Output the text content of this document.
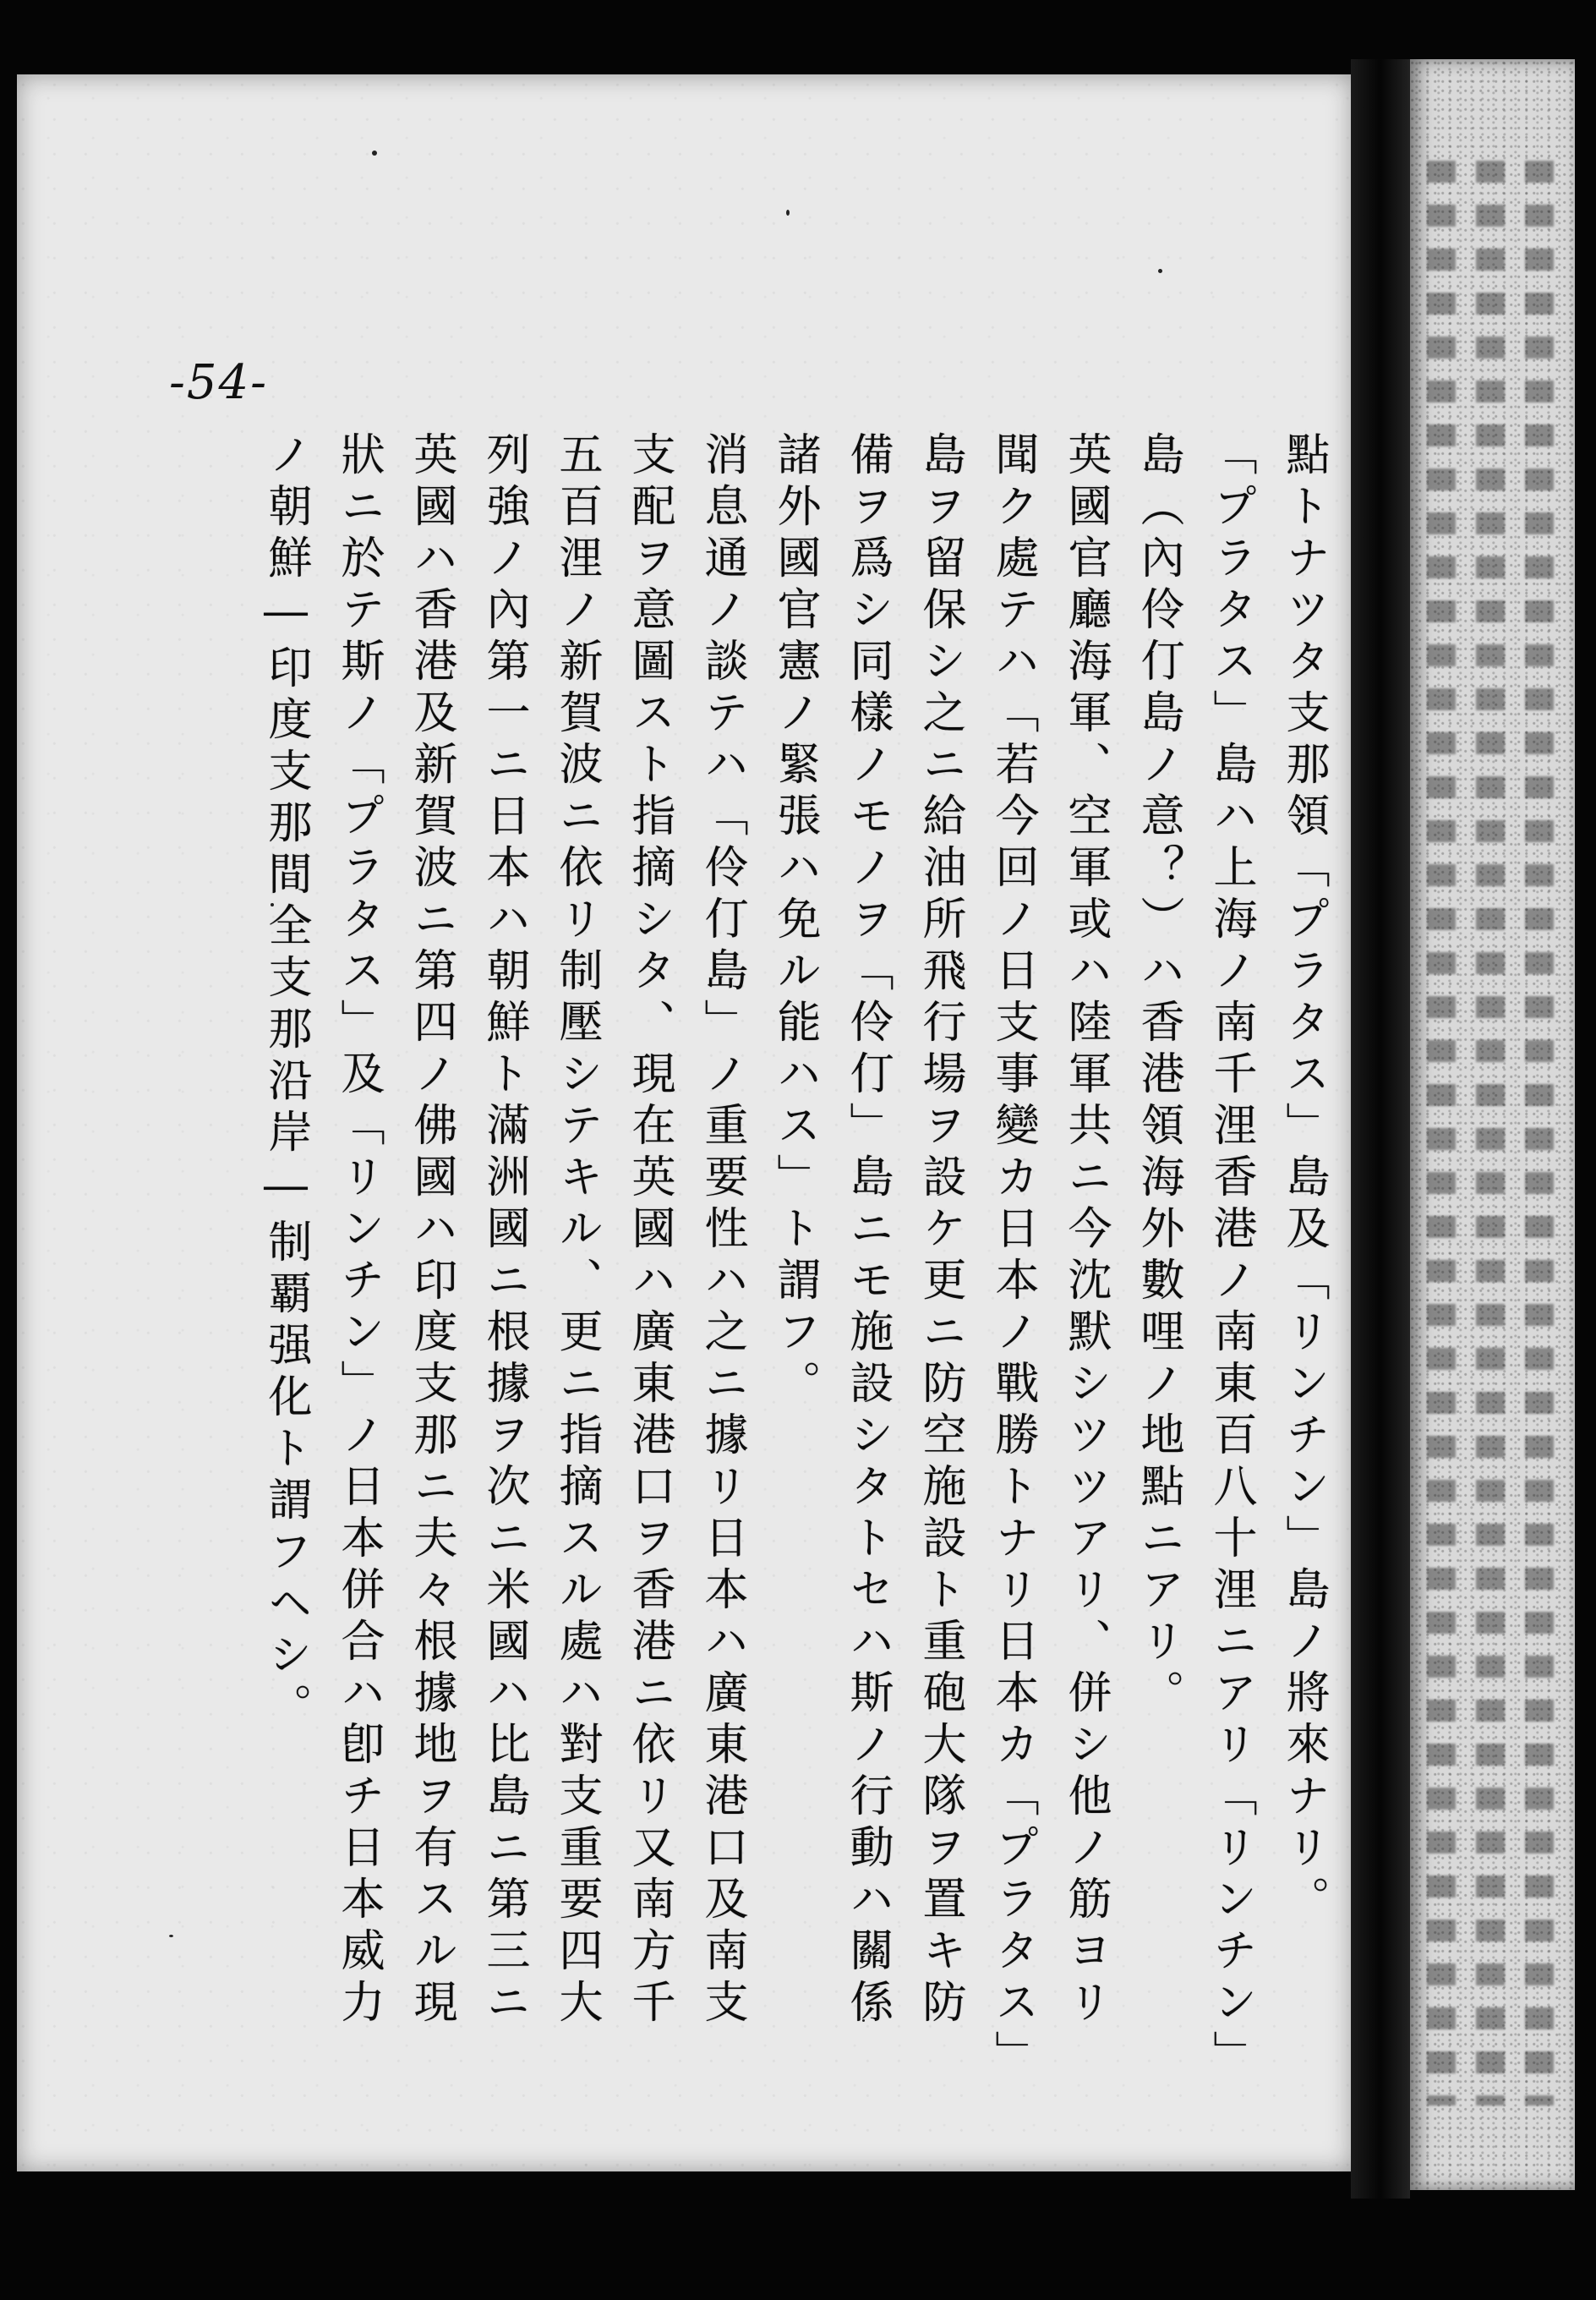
-54-
點トナツタ支那領「プラタス」島及「リンチン」島ノ將來ナリ。
「プラタス」島ハ上海ノ南千浬香港ノ南東百八十浬ニアリ「リンチン」
島（內伶仃島ノ意？）ハ香港領海外數哩ノ地點ニアリ。
英國官廳海軍、空軍或ハ陸軍共ニ今沈默シツツアリ、併シ他ノ筋ヨリ
聞ク處テハ「若今回ノ日支事變カ日本ノ戰勝トナリ日本カ「プラタス」
島ヲ留保シ之ニ給油所飛行場ヲ設ケ更ニ防空施設ト重砲大隊ヲ置キ防
備ヲ爲シ同樣ノモノヲ「伶仃」島ニモ施設シタトセハ斯ノ行動ハ關係
諸外國官憲ノ緊張ハ免ル能ハス」ト謂フ。
消息通ノ談テハ「伶仃島」ノ重要性ハ之ニ據リ日本ハ廣東港口及南支
支配ヲ意圖スト指摘シタ、現在英國ハ廣東港口ヲ香港ニ依リ又南方千
五百浬ノ新賀波ニ依リ制壓シテキル、更ニ指摘スル處ハ對支重要四大
列強ノ內第一ニ日本ハ朝鮮ト滿洲國ニ根據ヲ次ニ米國ハ比島ニ第三ニ
英國ハ香港及新賀波ニ第四ノ佛國ハ印度支那ニ夫々根據地ヲ有スル現
狀ニ於テ斯ノ「プラタス」及「リンチン」ノ日本併合ハ卽チ日本威力
ノ朝鮮―印度支那間全支那沿岸―制覇强化ト謂フヘシ。
